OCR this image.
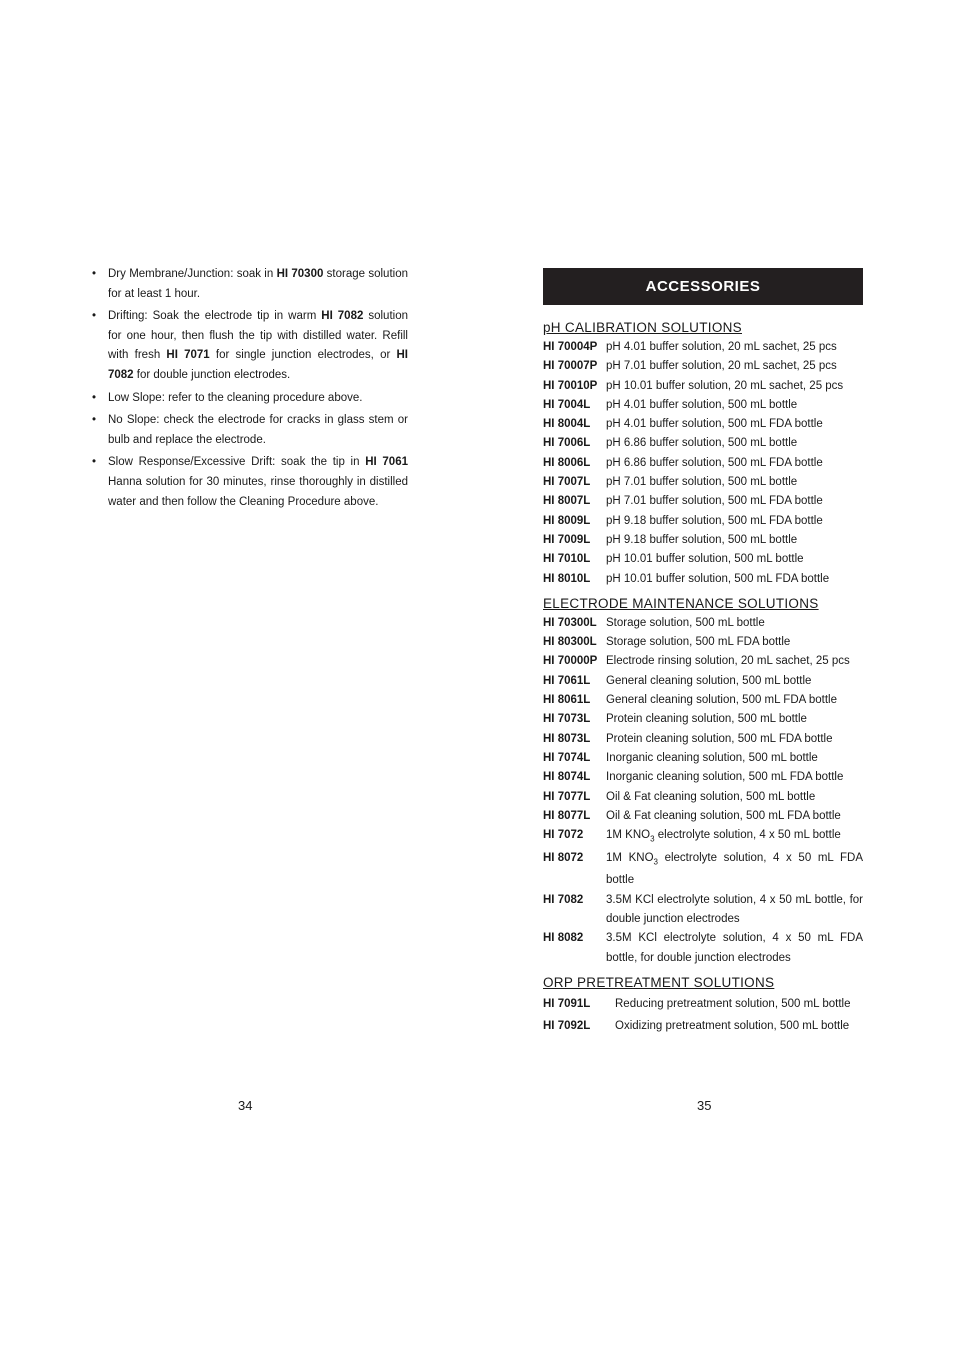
• Dry Membrane/Junction: soak in HI 70300 storage solution for at least 1 hour.
• Drifting: Soak the electrode tip in warm HI 7082 solution for one hour, then flush the tip with distilled water. Refill with fresh HI 7071 for single junction electrodes, or HI 7082 for double junction electrodes.
• Low Slope: refer to the cleaning procedure above.
• No Slope: check the electrode for cracks in glass stem or bulb and replace the electrode.
• Slow Response/Excessive Drift: soak the tip in HI 7061 Hanna solution for 30 minutes, rinse thoroughly in distilled water and then follow the Cleaning Procedure above.
34
ACCESSORIES
pH CALIBRATION SOLUTIONS
HI 70004P pH 4.01 buffer solution, 20 mL sachet, 25 pcs
HI 70007P pH 7.01 buffer solution, 20 mL sachet, 25 pcs
HI 70010P pH 10.01 buffer solution, 20 mL sachet, 25 pcs
HI 7004L	pH 4.01 buffer solution, 500 mL bottle
HI 8004L	pH 4.01 buffer solution, 500 mL FDA bottle
HI 7006L	pH 6.86 buffer solution, 500 mL bottle
HI 8006L	pH 6.86 buffer solution, 500 mL FDA bottle
HI 7007L	pH 7.01 buffer solution, 500 mL bottle
HI 8007L	pH 7.01 buffer solution, 500 mL FDA bottle
HI 8009L	pH 9.18 buffer solution, 500 mL FDA bottle
HI 7009L	pH 9.18 buffer solution, 500 mL bottle
HI 7010L	pH 10.01 buffer solution, 500 mL bottle
HI 8010L	pH 10.01 buffer solution, 500 mL FDA bottle
ELECTRODE MAINTENANCE SOLUTIONS
HI 70300L Storage solution, 500 mL bottle
HI 80300L Storage solution, 500 mL FDA bottle
HI 70000P Electrode rinsing solution, 20 mL sachet, 25 pcs
HI 7061L	General cleaning solution, 500 mL bottle
HI 8061L	General cleaning solution, 500 mL FDA bottle
HI 7073L	Protein cleaning solution, 500 mL bottle
HI 8073L	Protein cleaning solution, 500 mL FDA bottle
HI 7074L	Inorganic cleaning solution, 500 mL bottle
HI 8074L	Inorganic cleaning solution, 500 mL FDA bottle
HI 7077L	Oil & Fat cleaning solution, 500 mL bottle
HI 8077L	Oil & Fat cleaning solution, 500 mL FDA bottle
HI 7072	1M $KNO_3$ electrolyte solution, 4 x 50 mL bottle
HI 8072	1M $KNO_3$ electrolyte solution, 4 x 50 mL FDA bottle
HI 7082	3.5M KCl electrolyte solution, 4 x 50 mL bottle, for double junction electrodes
HI 8082	3.5M KCl electrolyte solution, 4 x 50 mL FDA bottle, for double junction electrodes
ORP PRETREATMENT SOLUTIONS
HI 7091L	Reducing pretreatment solution, 500 mL bottle
HI 7092L	Oxidizing pretreatment solution, 500 mL bottle
35
